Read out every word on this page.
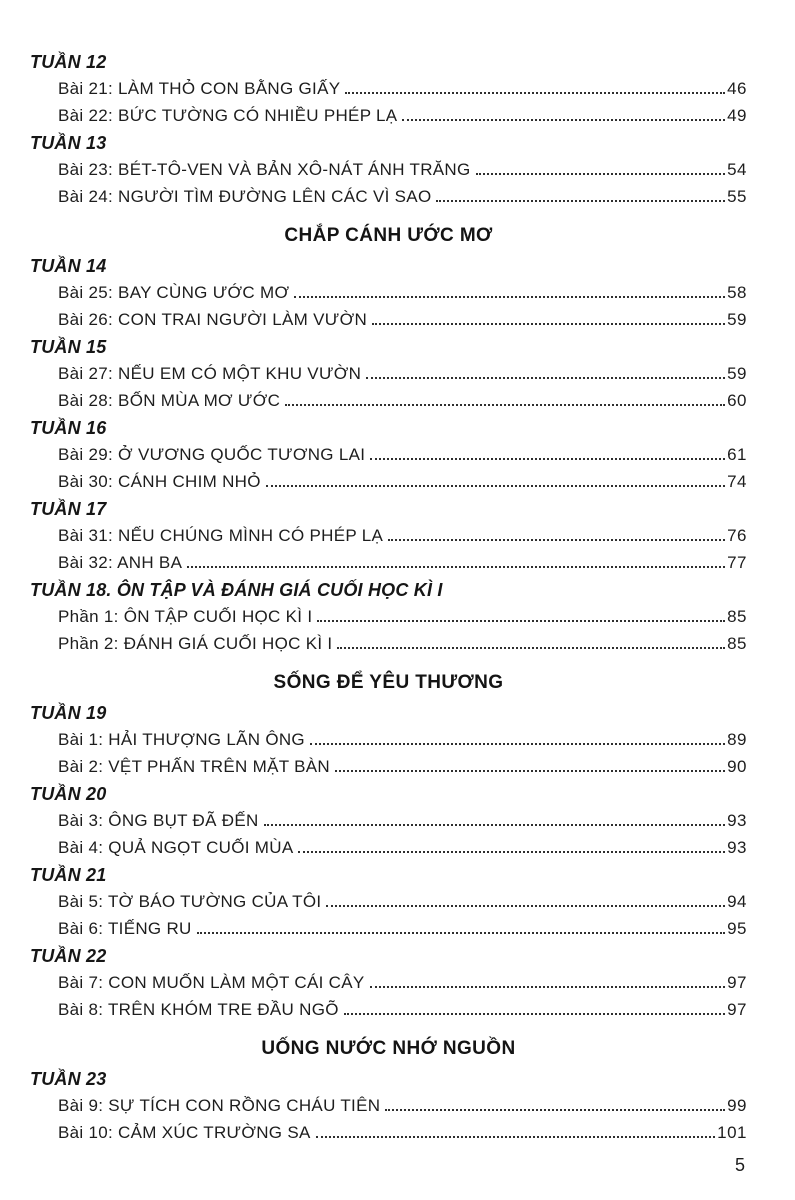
TUẦN 12
Bài 21: LÀM THỎ CON BẰNG GIẤY	46
Bài 22: BỨC TƯỜNG CÓ NHIỀU PHÉP LẠ	49
TUẦN 13
Bài 23: BÉT-TÔ-VEN VÀ BẢN XÔ-NÁT ÁNH TRĂNG	54
Bài 24: NGƯỜI TÌM ĐƯỜNG LÊN CÁC VÌ SAO	55
CHẮP CÁNH ƯỚC MƠ
TUẦN 14
Bài 25: BAY CÙNG ƯỚC MƠ	58
Bài 26: CON TRAI NGƯỜI LÀM VƯỜN	59
TUẦN 15
Bài 27: NẾU EM CÓ MỘT KHU VƯỜN	59
Bài 28: BỐN MÙA MƠ ƯỚC	60
TUẦN 16
Bài 29: Ở VƯƠNG QUỐC TƯƠNG LAI	61
Bài 30: CÁNH CHIM NHỎ	74
TUẦN 17
Bài 31: NẾU CHÚNG MÌNH CÓ PHÉP LẠ	76
Bài 32: ANH BA	77
TUẦN 18. ÔN TẬP VÀ ĐÁNH GIÁ CUỐI HỌC KÌ I
Phần 1: ÔN TẬP CUỐI HỌC KÌ I	85
Phần 2: ĐÁNH GIÁ CUỐI HỌC KÌ I	85
SỐNG ĐỂ YÊU THƯƠNG
TUẦN 19
Bài 1: HẢI THƯỢNG LÃN ÔNG	89
Bài 2: VỆT PHẤN TRÊN MẶT BÀN	90
TUẦN 20
Bài 3: ÔNG BỤT ĐÃ ĐẾN	93
Bài 4: QUẢ NGỌT CUỐI MÙA	93
TUẦN 21
Bài 5: TỜ BÁO TƯỜNG CỦA TÔI	94
Bài 6: TIẾNG RU	95
TUẦN 22
Bài 7: CON MUỐN LÀM MỘT CÁI CÂY	97
Bài 8: TRÊN KHÓM TRE ĐẦU NGÕ	97
UỐNG NƯỚC NHỚ NGUỒN
TUẦN 23
Bài 9: SỰ TÍCH CON RỒNG CHÁU TIÊN	99
Bài 10: CẢM XÚC TRƯỜNG SA	101
5
